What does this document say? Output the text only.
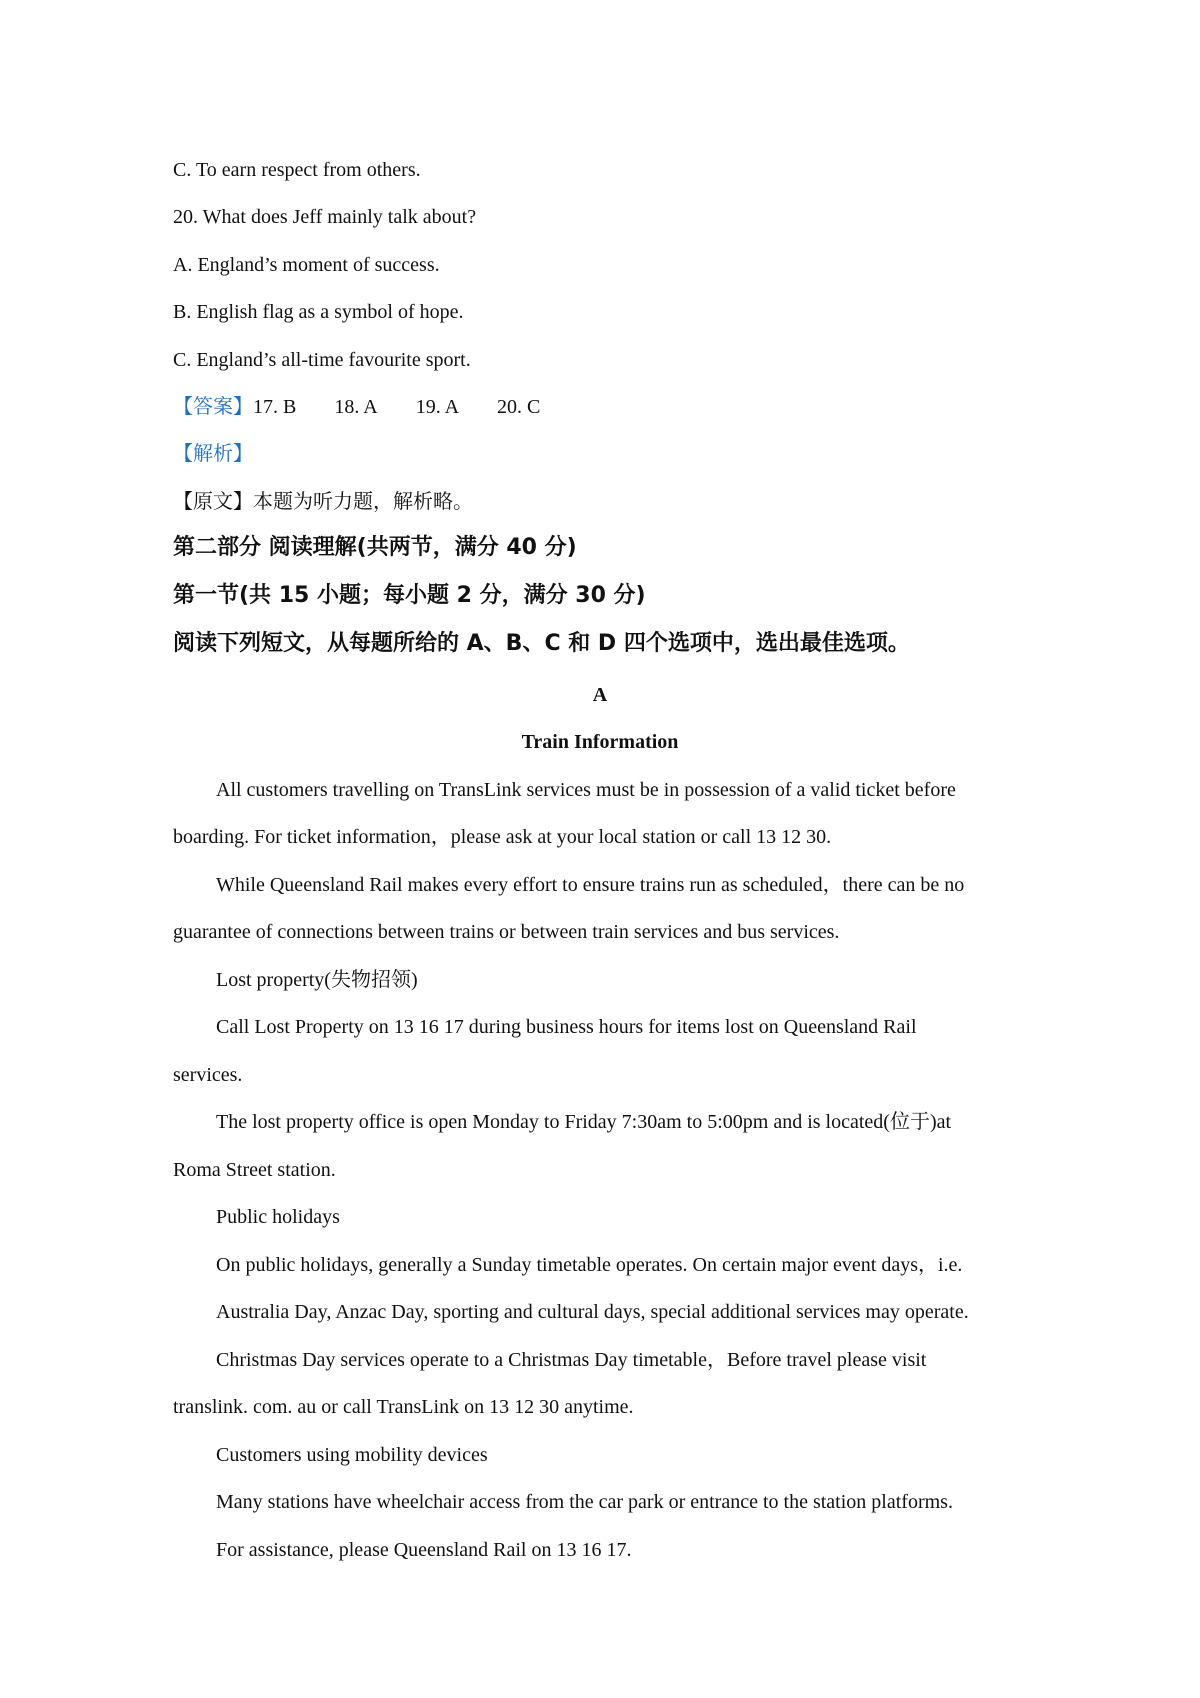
C. To earn respect from others.
20. What does Jeff mainly talk about?
A. England’s moment of success.
B. English flag as a symbol of hope.
C. England’s all-time favourite sport.
【答案】17. B 18. A 19. A 20. C
【解析】
【原文】本题为听力题，解析略。
第二部分 阅读理解(共两节，满分 40 分)
第一节(共 15 小题；每小题 2 分，满分 30 分)
阅读下列短文，从每题所给的 A、B、C 和 D 四个选项中，选出最佳选项。
A
Train Information
All customers travelling on TransLink services must be in possession of a valid ticket before
boarding. For ticket information，please ask at your local station or call 13 12 30.
While Queensland Rail makes every effort to ensure trains run as scheduled，there can be no
guarantee of connections between trains or between train services and bus services.
Lost property(失物招领)
Call Lost Property on 13 16 17 during business hours for items lost on Queensland Rail
services.
The lost property office is open Monday to Friday 7:30am to 5:00pm and is located(位于)at
Roma Street station.
Public holidays
On public holidays, generally a Sunday timetable operates. On certain major event days，i.e.
Australia Day, Anzac Day, sporting and cultural days, special additional services may operate.
Christmas Day services operate to a Christmas Day timetable，Before travel please visit
translink. com. au or call TransLink on 13 12 30 anytime.
Customers using mobility devices
Many stations have wheelchair access from the car park or entrance to the station platforms.
For assistance, please Queensland Rail on 13 16 17.
